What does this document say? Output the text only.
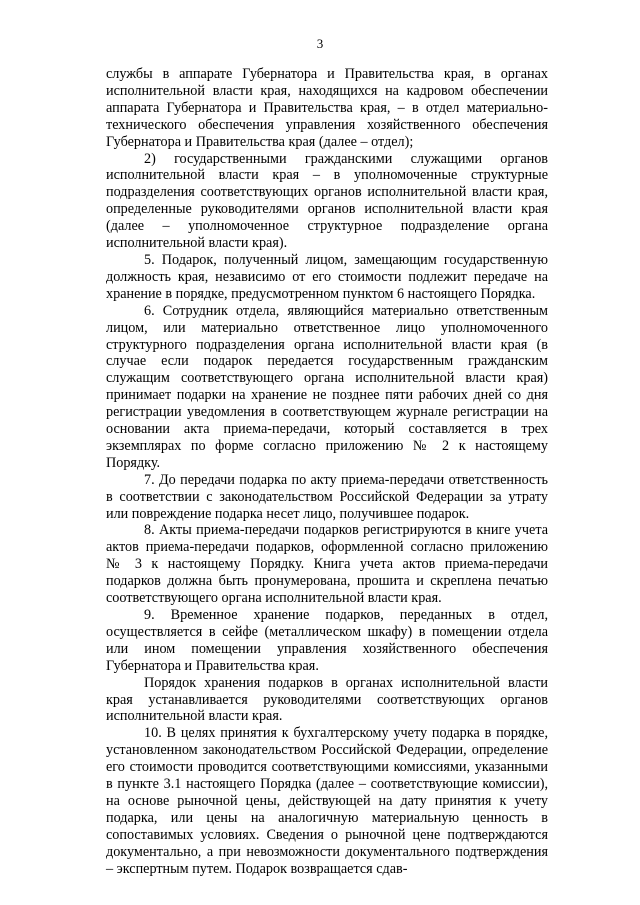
3

службы в аппарате Губернатора и Правительства края, в органах исполнительной власти края, находящихся на кадровом обеспечении аппарата Губернатора и Правительства края, – в отдел материально-технического обеспечения управления хозяйственного обеспечения Губернатора и Правительства края (далее – отдел);

2) государственными гражданскими служащими органов исполнительной власти края – в уполномоченные структурные подразделения соответствующих органов исполнительной власти края, определенные руководителями органов исполнительной власти края (далее – уполномоченное структурное подразделение органа исполнительной власти края).

5. Подарок, полученный лицом, замещающим государственную должность края, независимо от его стоимости подлежит передаче на хранение в порядке, предусмотренном пунктом 6 настоящего Порядка.

6. Сотрудник отдела, являющийся материально ответственным лицом, или материально ответственное лицо уполномоченного структурного подразделения органа исполнительной власти края (в случае если подарок передается государственным гражданским служащим соответствующего органа исполнительной власти края) принимает подарки на хранение не позднее пяти рабочих дней со дня регистрации уведомления в соответствующем журнале регистрации на основании акта приема-передачи, который составляется в трех экземплярах по форме согласно приложению № 2 к настоящему Порядку.

7. До передачи подарка по акту приема-передачи ответственность в соответствии с законодательством Российской Федерации за утрату или повреждение подарка несет лицо, получившее подарок.

8. Акты приема-передачи подарков регистрируются в книге учета актов приема-передачи подарков, оформленной согласно приложению № 3 к настоящему Порядку. Книга учета актов приема-передачи подарков должна быть пронумерована, прошита и скреплена печатью соответствующего органа исполнительной власти края.

9. Временное хранение подарков, переданных в отдел, осуществляется в сейфе (металлическом шкафу) в помещении отдела или ином помещении управления хозяйственного обеспечения Губернатора и Правительства края.

Порядок хранения подарков в органах исполнительной власти края устанавливается руководителями соответствующих органов исполнительной власти края.

10. В целях принятия к бухгалтерскому учету подарка в порядке, установленном законодательством Российской Федерации, определение его стоимости проводится соответствующими комиссиями, указанными в пункте 3.1 настоящего Порядка (далее – соответствующие комиссии), на основе рыночной цены, действующей на дату принятия к учету подарка, или цены на аналогичную материальную ценность в сопоставимых условиях. Сведения о рыночной цене подтверждаются документально, а при невозможности документального подтверждения – экспертным путем. Подарок возвращается сдав-
